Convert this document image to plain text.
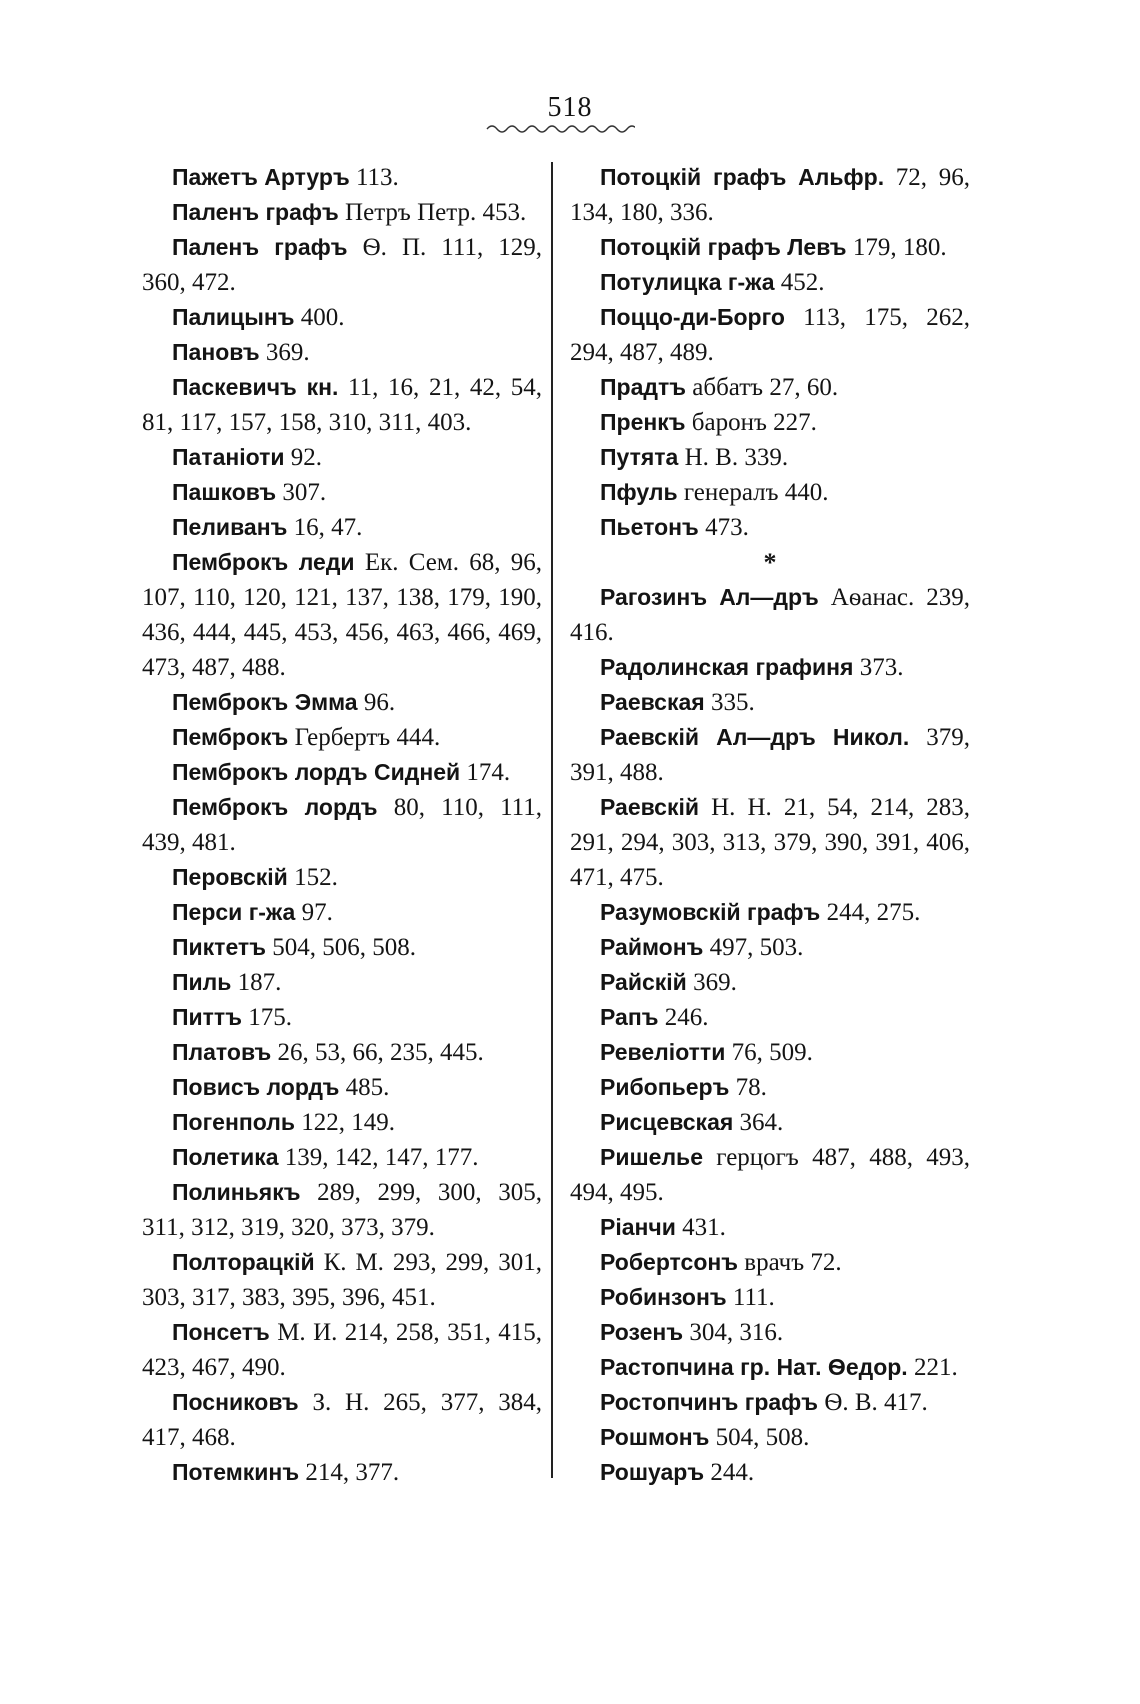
518
Пажетъ Артуръ 113.
Паленъ графъ Петръ Петр. 453.
Паленъ графъ Ѳ. П. 111, 129, 360, 472.
Палицынъ 400.
Пановъ 369.
Паскевичъ кн. 11, 16, 21, 42, 54, 81, 117, 157, 158, 310, 311, 403.
Патаніоти 92.
Пашковъ 307.
Пеливанъ 16, 47.
Пемброкъ леди Ек. Сем. 68, 96, 107, 110, 120, 121, 137, 138, 179, 190, 436, 444, 445, 453, 456, 463, 466, 469, 473, 487, 488.
Пемброкъ Эмма 96.
Пемброкъ Гербертъ 444.
Пемброкъ лордъ Сидней 174.
Пемброкъ лордъ 80, 110, 111, 439, 481.
Перовскій 152.
Перси г-жа 97.
Пиктетъ 504, 506, 508.
Пиль 187.
Питтъ 175.
Платовъ 26, 53, 66, 235, 445.
Повисъ лордъ 485.
Погенполь 122, 149.
Полетика 139, 142, 147, 177.
Полиньякъ 289, 299, 300, 305, 311, 312, 319, 320, 373, 379.
Полторацкій К. М. 293, 299, 301, 303, 317, 383, 395, 396, 451.
Понсетъ М. И. 214, 258, 351, 415, 423, 467, 490.
Посниковъ З. Н. 265, 377, 384, 417, 468.
Потемкинъ 214, 377.
Потоцкій графъ Альфр. 72, 96, 134, 180, 336.
Потоцкій графъ Левъ 179, 180.
Потулицка г-жа 452.
Поццо-ди-Борго 113, 175, 262, 294, 487, 489.
Прадтъ аббатъ 27, 60.
Пренкъ баронъ 227.
Путята Н. В. 339.
Пфуль генералъ 440.
Пьетонъ 473.
*
Рагозинъ Ал—дръ Аѳанас. 239, 416.
Радолинская графиня 373.
Раевская 335.
Раевскій Ал—дръ Никол. 379, 391, 488.
Раевскій Н. Н. 21, 54, 214, 283, 291, 294, 303, 313, 379, 390, 391, 406, 471, 475.
Разумовскій графъ 244, 275.
Раймонъ 497, 503.
Райскій 369.
Рапъ 246.
Ревеліотти 76, 509.
Рибопьеръ 78.
Рисцевская 364.
Ришелье герцогъ 487, 488, 493, 494, 495.
Ріанчи 431.
Робертсонъ врачъ 72.
Робинзонъ 111.
Розенъ 304, 316.
Растопчина гр. Нат. Ѳедор. 221.
Ростопчинъ графъ Ѳ. В. 417.
Рошмонъ 504, 508.
Рошуаръ 244.
